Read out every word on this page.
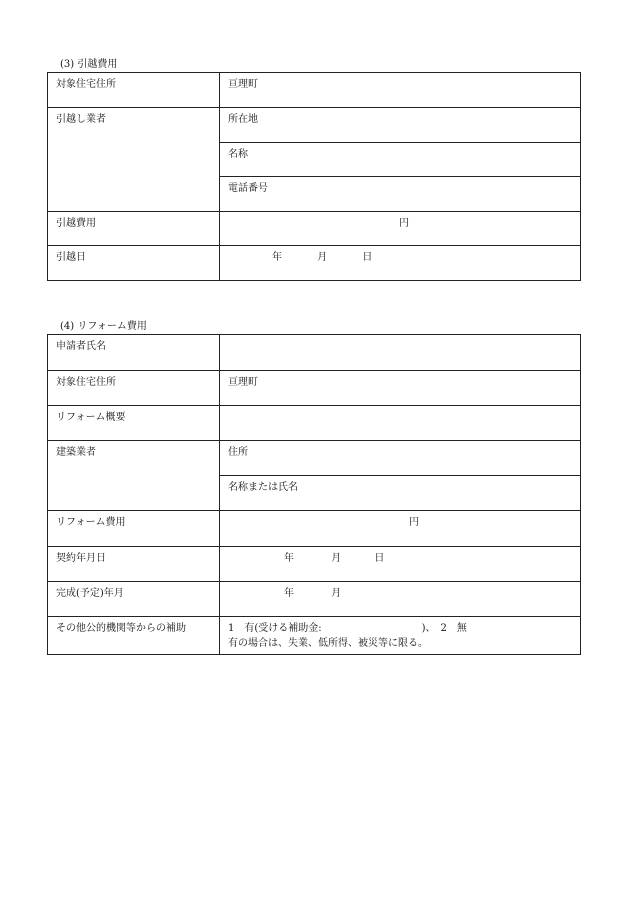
(3) 引越費用
対象住宅住所	亘理町
引越し業者	所在地
	名称
	電話番号
引越費用	円
引越日	年 月 日
(4) リフォーム費用
申請者氏名	
対象住宅住所	亘理町
リフォーム概要	
建築業者	住所
	名称または氏名
リフォーム費用	円
契約年月日	年 月 日
完成(予定)年月	年 月
その他公的機関等からの補助	1　有(受ける補助金:　　　　　　　　　　)、　2　無
有の場合は、失業、低所得、被災等に限る。
